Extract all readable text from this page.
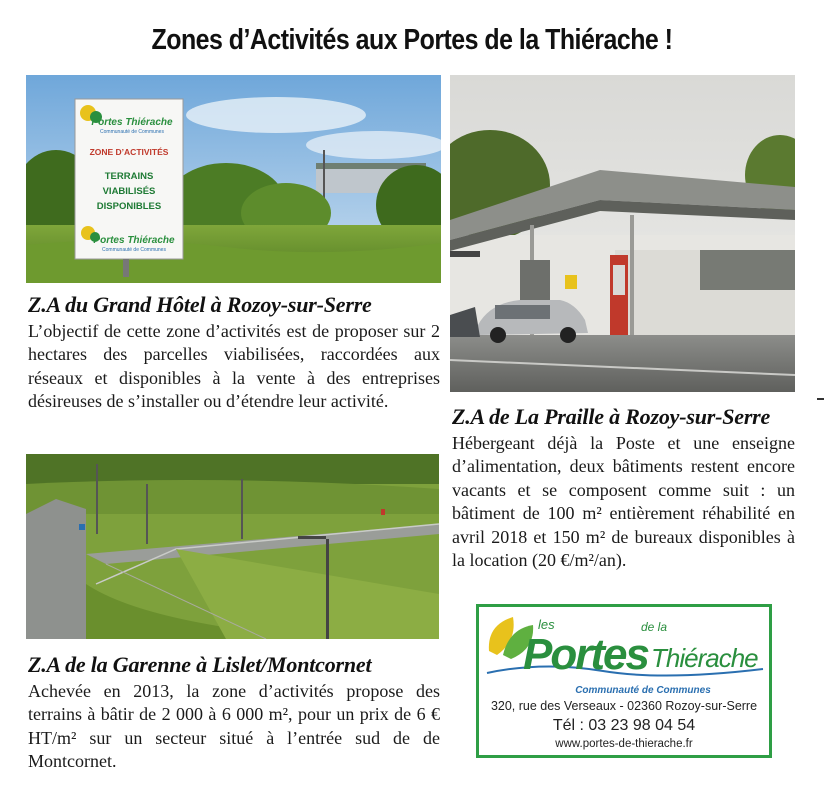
Zones d’Activités aux Portes de la Thiérache !
Portes Thiérache
Communauté de Communes
ZONE D’ACTIVITÉS
TERRAINS
VIABILISÉS
DISPONIBLES
Portes Thiérache
Communauté de Communes
Z.A du Grand Hôtel à Rozoy-sur-Serre
L’objectif de cette zone d’activités est de proposer sur 2 hectares des parcelles viabilisées, raccordées aux réseaux et disponibles à la vente à des entreprises désireuses de s’installer ou d’étendre leur activité.
Z.A de La Praille à Rozoy-sur-Serre
Hébergeant déjà la Poste et une enseigne d’alimentation, deux bâtiments restent encore vacants et se composent comme suit : un bâtiment de 100 m² entièrement réhabilité en avril 2018 et 150 m² de bureaux disponibles à la location (20 €/m²/an).
Z.A de la Garenne à Lislet/Montcornet
Achevée en 2013, la zone d’activités propose des terrains à bâtir de 2 000 à 6 000 m², pour un prix de 6 € HT/m² sur un secteur situé à l’entrée sud de de Montcornet.
les
Portes
de la
Thiérache
Communauté de Communes
320, rue des Verseaux - 02360 Rozoy-sur-Serre
Tél : 03 23 98 04 54
www.portes-de-thierache.fr
